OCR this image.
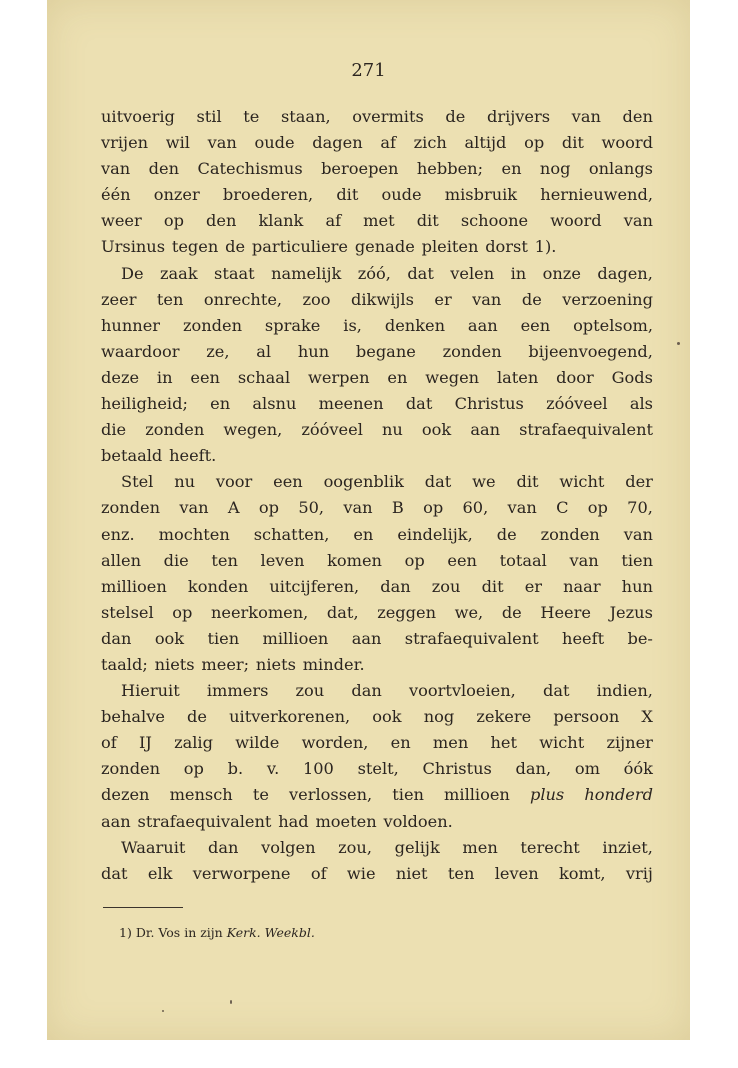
271
uitvoerig stil te staan, overmits de drijvers van den
vrijen wil van oude dagen af zich altijd op dit woord
van den Catechismus beroepen hebben; en nog onlangs
één onzer broederen, dit oude misbruik hernieuwend,
weer op den klank af met dit schoone woord van
Ursinus tegen de particuliere genade pleiten dorst 1).
De zaak staat namelijk zóó, dat velen in onze dagen,
zeer ten onrechte, zoo dikwijls er van de verzoening
hunner zonden sprake is, denken aan een optelsom,
waardoor ze, al hun begane zonden bijeenvoegend,
deze in een schaal werpen en wegen laten door Gods
heiligheid; en alsnu meenen dat Christus zóóveel als
die zonden wegen, zóóveel nu ook aan strafaequivalent
betaald heeft.
Stel nu voor een oogenblik dat we dit wicht der
zonden van A op 50, van B op 60, van C op 70,
enz. mochten schatten, en eindelijk, de zonden van
allen die ten leven komen op een totaal van tien
millioen konden uitcijferen, dan zou dit er naar hun
stelsel op neerkomen, dat, zeggen we, de Heere Jezus
dan ook tien millioen aan strafaequivalent heeft be-
taald; niets meer; niets minder.
Hieruit immers zou dan voortvloeien, dat indien,
behalve de uitverkorenen, ook nog zekere persoon X
of IJ zalig wilde worden, en men het wicht zijner
zonden op b. v. 100 stelt, Christus dan, om óók
dezen mensch te verlossen, tien millioen plus honderd
aan strafaequivalent had moeten voldoen.
Waaruit dan volgen zou, gelijk men terecht inziet,
dat elk verworpene of wie niet ten leven komt, vrij
1) Dr. Vos in zijn Kerk. Weekbl.
